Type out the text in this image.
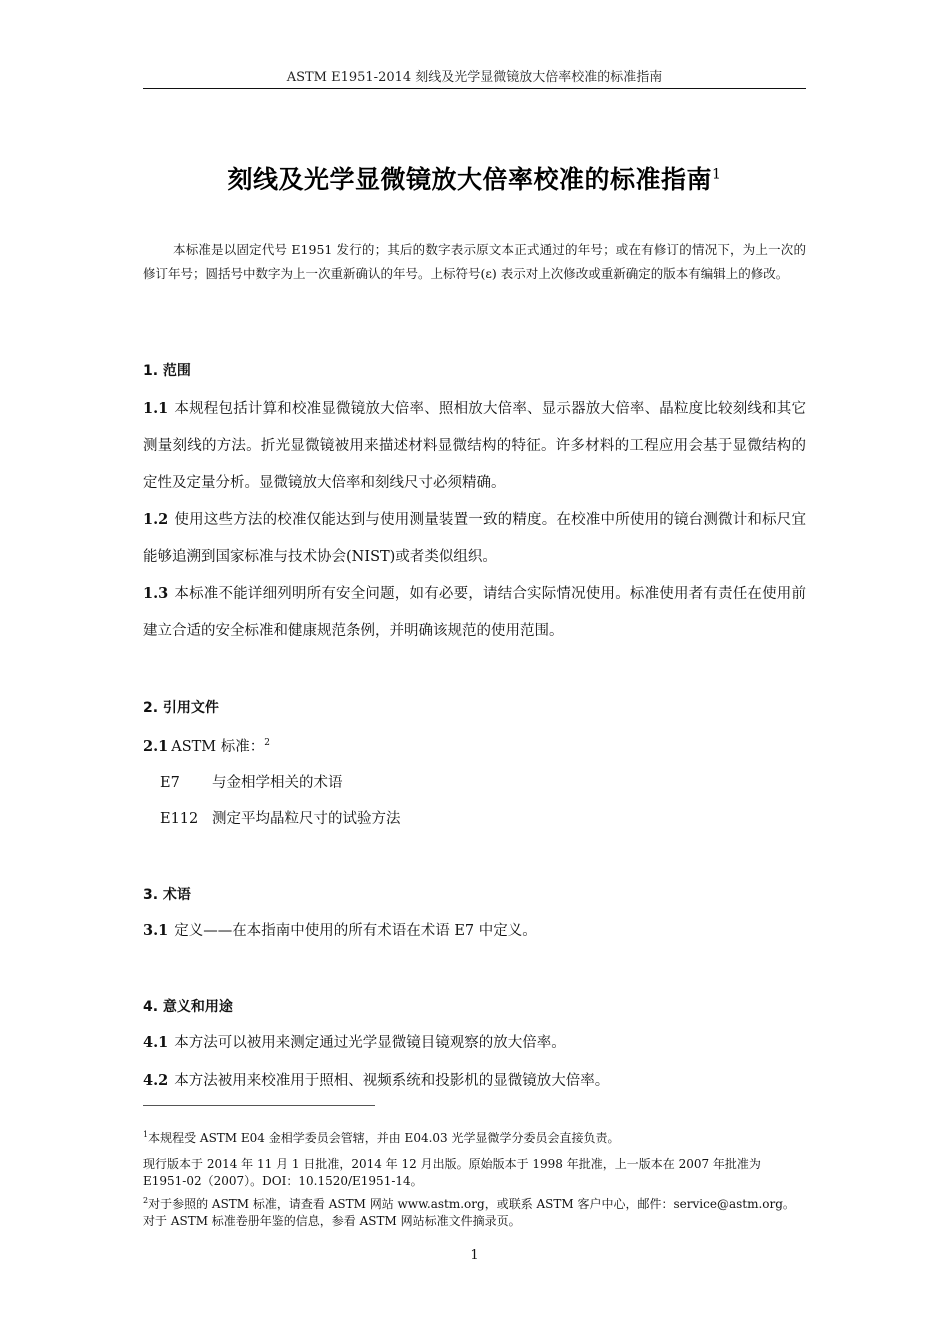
ASTM E1951-2014 刻线及光学显微镜放大倍率校准的标准指南
刻线及光学显微镜放大倍率校准的标准指南$^1$
本标准是以固定代号 E1951 发行的；其后的数字表示原文本正式通过的年号；或在有修订的情况下，为上一次的修订年号；圆括号中数字为上一次重新确认的年号。上标符号(ε) 表示对上次修改或重新确定的版本有编辑上的修改。
1. 范围
1.1 本规程包括计算和校准显微镜放大倍率、照相放大倍率、显示器放大倍率、晶粒度比较刻线和其它测量刻线的方法。折光显微镜被用来描述材料显微结构的特征。许多材料的工程应用会基于显微结构的定性及定量分析。显微镜放大倍率和刻线尺寸必须精确。
1.2 使用这些方法的校准仅能达到与使用测量装置一致的精度。在校准中所使用的镜台测微计和标尺宜能够追溯到国家标准与技术协会(NIST)或者类似组织。
1.3 本标准不能详细列明所有安全问题，如有必要，请结合实际情况使用。标准使用者有责任在使用前建立合适的安全标准和健康规范条例，并明确该规范的使用范围。
2. 引用文件
2.1 ASTM 标准：$^2$
E7 与金相学相关的术语
E112 测定平均晶粒尺寸的试验方法
3. 术语
3.1 定义——在本指南中使用的所有术语在术语 E7 中定义。
4. 意义和用途
4.1 本方法可以被用来测定通过光学显微镜目镜观察的放大倍率。
4.2 本方法被用来校准用于照相、视频系统和投影机的显微镜放大倍率。
$^1$本规程受 ASTM E04 金相学委员会管辖，并由 E04.03 光学显微学分委员会直接负责。
现行版本于 2014 年 11 月 1 日批准，2014 年 12 月出版。原始版本于 1998 年批准，上一版本在 2007 年批准为 E1951-02（2007）。DOI：10.1520/E1951-14。
$^2$对于参照的 ASTM 标准，请查看 ASTM 网站 www.astm.org，或联系 ASTM 客户中心，邮件：service@astm.org。对于 ASTM 标准卷册年鉴的信息，参看 ASTM 网站标准文件摘录页。
1
